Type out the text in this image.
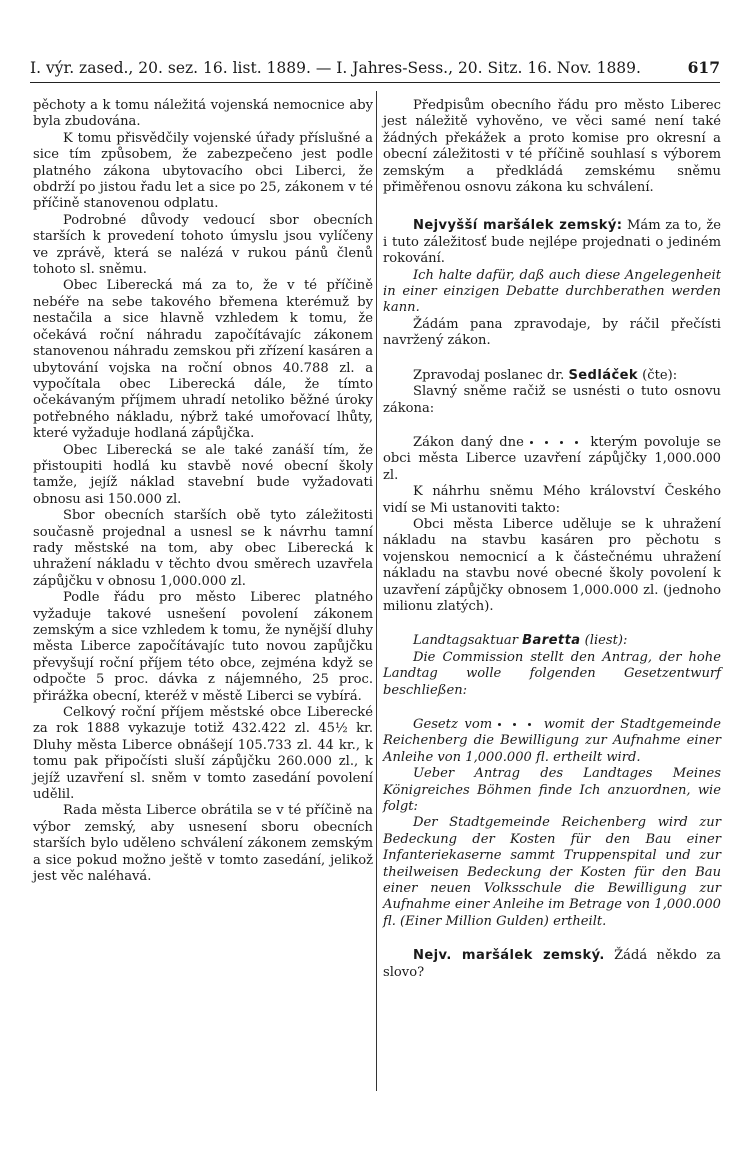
I. výr. zased., 20. sez. 16. list. 1889. — I. Jahres-Sess., 20. Sitz. 16. Nov. 1889.	617

pěchoty a k tomu náležitá vojenská nemocnice aby byla zbudována.

K tomu přisvědčily vojenské úřady příslušné a sice tím způsobem, že zabezpečeno jest podle platného zákona ubytovacího obci Liberci, že obdrží po jistou řadu let a sice po 25, zákonem v té příčině stanovenou odplatu.

Podrobné důvody vedoucí sbor obecních starších k provedení tohoto úmyslu jsou vylíčeny ve zprávě, která se nalézá v rukou pánů členů tohoto sl. sněmu.

Obec Liberecká má za to, že v té příčině nebéře na sebe takového břemena kterémuž by nestačila a sice hlavně vzhledem k tomu, že očekává roční náhradu započítávajíc zákonem stanovenou náhradu zemskou při zřízení kasáren a ubytování vojska na roční obnos 40.788 zl. a vypočítala obec Liberecká dále, že tímto očekávaným příjmem uhradí netoliko běžné úroky potřebného nákladu, nýbrž také umořovací lhůty, které vyžaduje hodlaná zápůjčka.

Obec Liberecká se ale také zanáší tím, že přistoupiti hodlá ku stavbě nové obecní školy tamže, jejíž náklad stavební bude vyžadovati obnosu asi 150.000 zl.

Sbor obecních starších obě tyto záležitosti současně projednal a usnesl se k návrhu tamní rady městské na tom, aby obec Liberecká k uhražení nákladu v těchto dvou směrech uzavřela zápůjčku v obnosu 1,000.000 zl.

Podle řádu pro město Liberec platného vyžaduje takové usnešení povolení zákonem zemským a sice vzhledem k tomu, že nynější dluhy města Liberce započítávajíc tuto novou zapůjčku převyšují roční příjem této obce, zejména když se odpočte 5 proc. dávka z nájemného, 25 proc. přirážka obecní, kteréž v městě Liberci se vybírá.

Celkový roční příjem městské obce Liberecké za rok 1888 vykazuje totiž 432.422 zl. 45½ kr. Dluhy města Liberce obnášejí 105.733 zl. 44 kr., k tomu pak připočísti sluší zápůjčku 260.000 zl., k jejíž uzavření sl. sněm v tomto zasedání povolení udělil.

Rada města Liberce obrátila se v té příčině na výbor zemský, aby usnesení sboru obecních starších bylo uděleno schválení zákonem zemským a sice pokud možno ještě v tomto zasedání, jelikož jest věc naléhavá.

Předpisům obecního řádu pro město Liberec jest náležitě vyhověno, ve věci samé není také žádných překážek a proto komise pro okresní a obecní záležitosti v té příčině souhlasí s výborem zemským a předkládá zemskému sněmu přiměřenou osnovu zákona ku schválení.

Nejvyšší maršálek zemský: Mám za to, že i tuto záležitosť bude nejlépe projednati o jediném rokování.

Ich halte dafür, daß auch diese Angelegenheit in einer einzigen Debatte durchberathen werden kann.

Žádám pana zpravodaje, by ráčil přečísti navržený zákon.

Zpravodaj poslanec dr. Sedláček (čte):

Slavný sněme račiž se usnésti o tuto osnovu zákona:

Zákon daný dne	kterým povoluje se obci města Liberce uzavření zápůjčky 1,000.000 zl.

K náhrhu sněmu Mého království Českého vidí se Mi ustanoviti takto:

Obci města Liberce uděluje se k uhražení nákladu na stavbu kasáren pro pěchotu s vojenskou nemocnicí a k částečnému uhražení nákladu na stavbu nové obecné školy povolení k uzavření zápůjčky obnosem 1,000.000 zl. (jednoho milionu zlatých).

Landtagsaktuar Baretta (liest):

Die Commission stellt den Antrag, der hohe Landtag wolle folgenden Gesetzentwurf beschließen:

Gesetz vom	womit der Stadtgemeinde Reichenberg die Bewilligung zur Aufnahme einer Anleihe von 1,000.000 fl. ertheilt wird.

Ueber Antrag des Landtages Meines Königreiches Böhmen finde Ich anzuordnen, wie folgt:

Der Stadtgemeinde Reichenberg wird zur Bedeckung der Kosten für den Bau einer Infanteriekaserne sammt Truppenspital und zur theilweisen Bedeckung der Kosten für den Bau einer neuen Volksschule die Bewilligung zur Aufnahme einer Anleihe im Betrage von 1,000.000 fl. (Einer Million Gulden) ertheilt.

Nejv. maršálek zemský. Žádá někdo za slovo?
